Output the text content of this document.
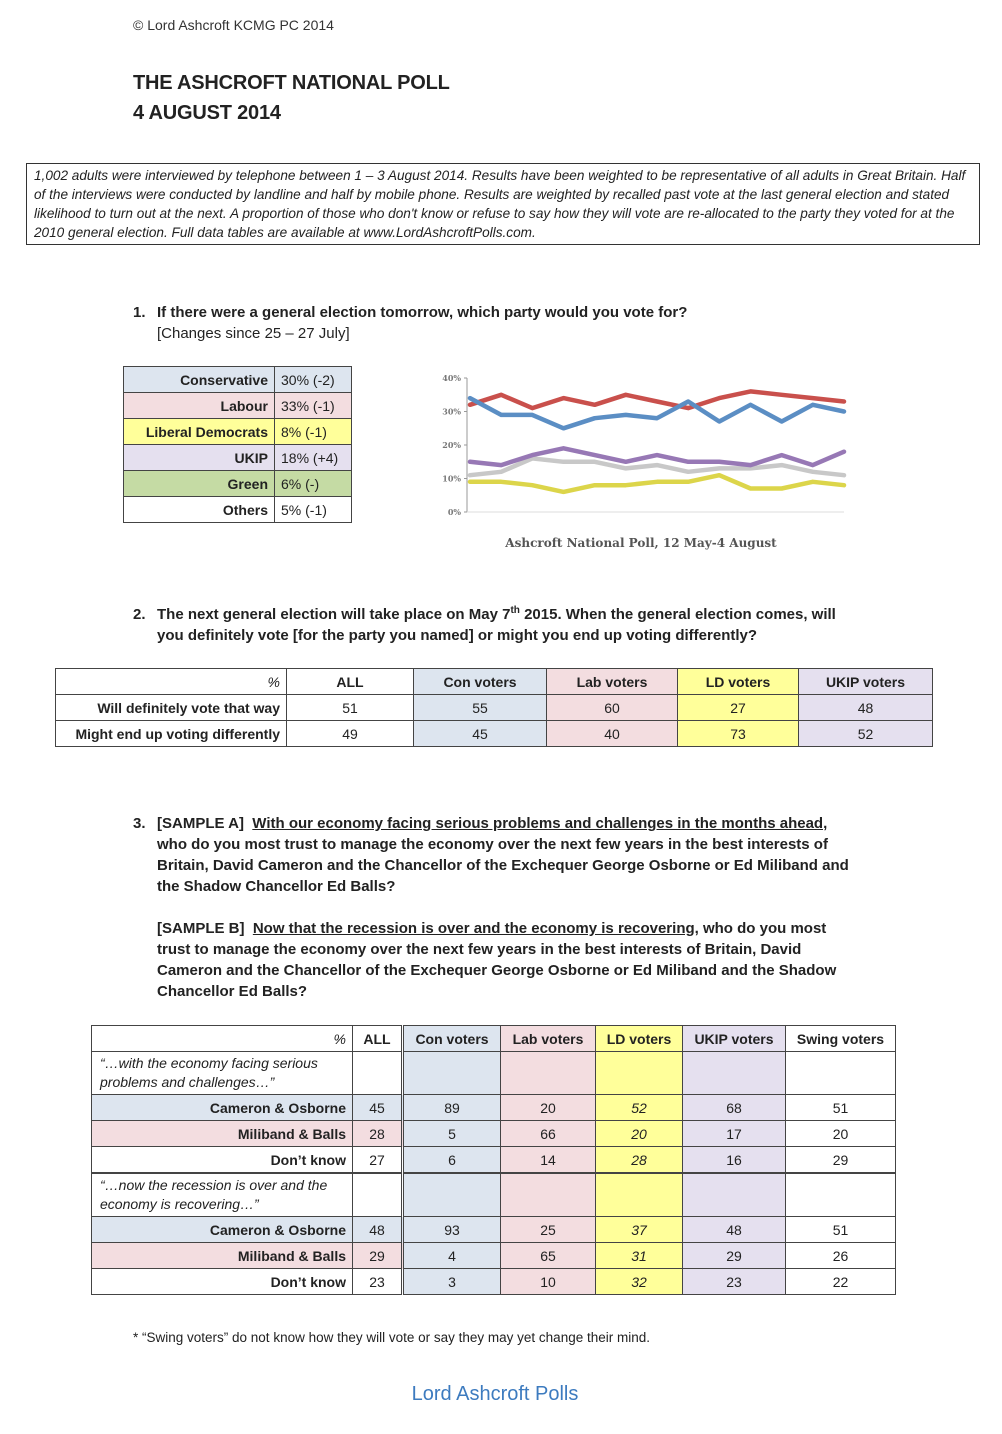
© Lord Ashcroft KCMG PC 2014
THE ASHCROFT NATIONAL POLL
4 AUGUST 2014
1,002 adults were interviewed by telephone between 1 – 3 August 2014. Results have been weighted to be representative of all adults in Great Britain. Half of the interviews were conducted by landline and half by mobile phone. Results are weighted by recalled past vote at the last general election and stated likelihood to turn out at the next. A proportion of those who don't know or refuse to say how they will vote are re-allocated to the party they voted for at the 2010 general election. Full data tables are available at www.LordAshcroftPolls.com.
1. If there were a general election tomorrow, which party would you vote for?
[Changes since 25 – 27 July]
Conservative	30% (-2)
Labour	33% (-1)
Liberal Democrats	8% (-1)
UKIP	18% (+4)
Green	6% (-)
Others	5% (-1)	0%
10%
20%
30%
40%
Ashcroft National Poll, 12 May-4 August
2. The next general election will take place on May 7th 2015. When the general election comes, will
you definitely vote [for the party you named] or might you end up voting differently?
%	ALL	Con voters	Lab voters	LD voters	UKIP voters
Will definitely vote that way	51	55	60	27	48
Might end up voting differently	49	45	40	73	52
3. [SAMPLE A] With our economy facing serious problems and challenges in the months ahead,
who do you most trust to manage the economy over the next few years in the best interests of
Britain, David Cameron and the Chancellor of the Exchequer George Osborne or Ed Miliband and
the Shadow Chancellor Ed Balls?
[SAMPLE B] Now that the recession is over and the economy is recovering, who do you most
trust to manage the economy over the next few years in the best interests of Britain, David
Cameron and the Chancellor of the Exchequer George Osborne or Ed Miliband and the Shadow
Chancellor Ed Balls?
%	ALL	Con voters	Lab voters	LD voters	UKIP voters	Swing voters
“…with the economy facing serious problems and challenges…”						
Cameron & Osborne	45	89	20	52	68	51
Miliband & Balls	28	5	66	20	17	20
Don’t know	27	6	14	28	16	29
“…now the recession is over and the economy is recovering…”						
Cameron & Osborne	48	93	25	37	48	51
Miliband & Balls	29	4	65	31	29	26
Don’t know	23	3	10	32	23	22
* “Swing voters” do not know how they will vote or say they may yet change their mind.
Lord Ashcroft Polls
